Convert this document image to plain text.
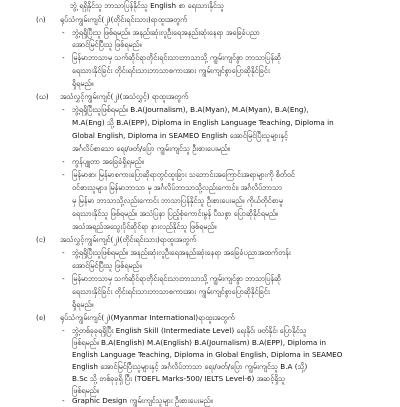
ဘွဲ့ ရရှိနိုင်သူ ဘာသာပြန်နိုင်သူ English စာ ရေးသားနိုင်သူ
(ဂ) ရုပ်သံကျွမ်းကျင်(၂)(တိုင်းရင်းသား)ရာထူးအတွက်
- ဘွဲ့ရရှိပြီးသူ ဖြစ်ရမည်။ အနည်းဆုံးလူဦးရေအနည်းဆုံးနေရာ အခြေခံပညာ
အောင်မြင်ပြီးသူ ဖြစ်ရမည်။
- မြန်မာဘာသာမှ သက်ဆိုင်ရာတိုင်းရင်းသားဘာသာသို့ ကျွမ်းကျင်စွာ ဘာသာပြန်ဆို
ရေးသားနိုင်ခြင်း တိုင်းရင်းသားဘာသာစကားအား ကျွမ်းကျင်စွာပြောဆိုနိုင်ခြင်း
ရှိရမည်။
(ဃ) အသံလွှင့်ကျွမ်းကျင်(၂)(အသံလွှင့်) ရာထူးအတွက်
- ဘွဲ့ရရှိပြီးသူဖြစ်ရမည်။ B.A(Journalism), B.A(Myan), M.A(Myan), B.A(Eng),
M.A(Eng) သို့ B.A(EPP), Diploma in English Language Teaching, Diploma in
Global English, Diploma in SEAMEO English အောင်မြင်ပြီးသူများနှင့်
အင်္ဂလိပ်စာသော ရေး/ဖတ်/ပြော ကျွမ်းကျင်သူ ဦးစားပေးမည်။
- ကွန်ပျူတာ အခြေခံရှိရမည်။
- မြန်မာစာ၊ မြန်မာစကားပြောဆိုရာတွင်ထူးခြား သဘောင်းအကြောင်းအရာများကို စိတ်ဝင်
ဝင်စားသူများ၊ မြန်မာဘာသာ မှ အင်္ဂလိပ်ဘာသာသို့လည်းကောင်း၊ အင်္ဂလိပ်ဘာသာ
မှ မြန်မာ ဘာသာသို့လည်းကောင်း ဘာသာပြန်နိုင်သူ ဦးစားပေးမည်။ ကိုယ်တိုင်စာမူ
ရေးသားနိုင်သူ ဖြစ်ရမည်။ အသံပြနာ ပြည့်စုံကောင်းမွန် ပီသစွာ ပြောဆိုနိုင်ရမည်။
အသံအရည်အသွေးပိုင်ဆိုင်ရာ နားလည်နိုင်သူ ဖြစ်ရမည်။
(င) အသံလွှင့်ကျွမ်းကျင်(၂)(တိုင်းရင်းသား)ရာထူးအတွက်
- ဘွဲ့ရရှိပြီးသူဖြစ်ရမည်။ အနည်းဆုံးလူဦးရေအနည်းဆုံးနေရာ အခြေခံပညာအထက်တန်း
အောင်မြင်ပြီးသူ ဖြစ်ရမည်။
- မြန်မာဘာသာမှ သက်ဆိုင်ရာတိုင်းရင်းသားဘာသာသို့ ကျွမ်းကျင်စွာ ဘာသာပြန်ဆို
ရေးသားနိုင်ခြင်း တိုင်းရင်းသားဘာသာစကားအား ကျွမ်းကျင်စွာပြောဆိုနိုင်ခြင်း
ရှိရမည်။
(စ) ရုပ်သံကျွမ်းကျင်(၂)(Myanmar International)ရာထူးအတွက်
- ဘွဲ့တစ်ခုခုရရှိပြီး English Skill (Intermediate Level) ရေးနိုင်၊ ဖတ်နိုင်၊ ပြောနိုင်သူ
ဖြစ်ရမည်။ B.A(English) M.A(English) B.A(Journalism) B.A(EPP), Diploma in
English Language Teaching, Diploma in Global English, Diploma in SEAMEO
English အောင်မြင်ပြီးသူများနှင့် အင်္ဂလိပ်ဘာသာ ရေး/ဖတ်/ပြော ကျွမ်းကျင်သူ B.A (သို့)
B.Sc သို့ တစ်ခုခုရှိ ပြီး (TOEFL Marks-500/ IELTS Level-6) အဆင့်ရှိသူ
ဖြစ်ရမည်။
- Graphic Design ကျွမ်းကျင်သူများ ဦးစားပေးမည်။
